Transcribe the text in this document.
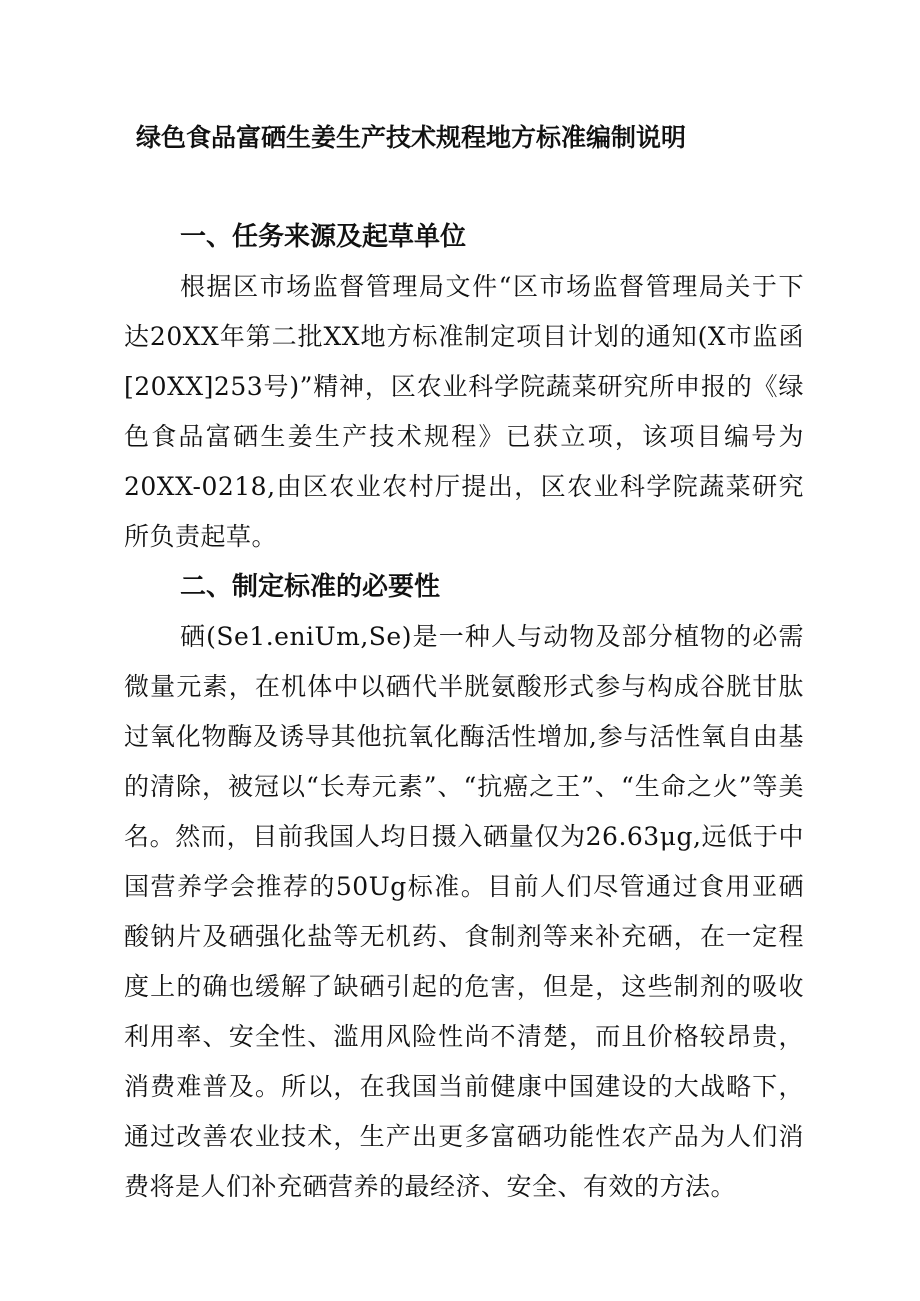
绿色食品富硒生姜生产技术规程地方标准编制说明
一、任务来源及起草单位

根据区市场监督管理局文件“区市场监督管理局关于下达20XX年第二批XX地方标准制定项目计划的通知(X市监函[20XX]253号)”精神，区农业科学院蔬菜研究所申报的《绿色食品富硒生姜生产技术规程》已获立项，该项目编号为20XX-0218,由区农业农村厅提出，区农业科学院蔬菜研究所负责起草。

二、制定标准的必要性

硒(Se1.eniUm,Se)是一种人与动物及部分植物的必需微量元素，在机体中以硒代半胱氨酸形式参与构成谷胱甘肽过氧化物酶及诱导其他抗氧化酶活性增加,参与活性氧自由基的清除，被冠以“长寿元素”、“抗癌之王”、“生命之火”等美名。然而，目前我国人均日摄入硒量仅为26.63μg,远低于中国营养学会推荐的50Ug标准。目前人们尽管通过食用亚硒酸钠片及硒强化盐等无机药、食制剂等来补充硒，在一定程度上的确也缓解了缺硒引起的危害，但是，这些制剂的吸收利用率、安全性、滥用风险性尚不清楚，而且价格较昂贵，消费难普及。所以，在我国当前健康中国建设的大战略下，通过改善农业技术，生产出更多富硒功能性农产品为人们消费将是人们补充硒营养的最经济、安全、有效的方法。
